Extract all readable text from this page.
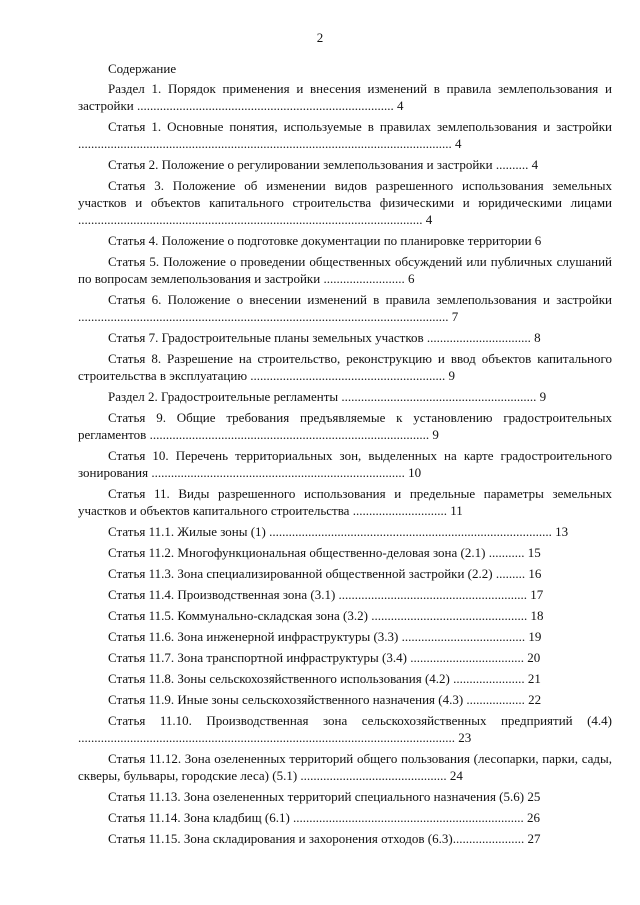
2
Содержание
Раздел 1. Порядок применения и внесения изменений в правила землепользования и застройки ............................................................................... 4
Статья 1. Основные понятия, используемые в правилах землепользования и застройки ................................................................................................................... 4
Статья 2. Положение о регулировании землепользования и застройки .......... 4
Статья 3. Положение об изменении видов разрешенного использования земельных участков и объектов капитального строительства физическими и юридическими лицами .......................................................................................................... 4
Статья 4. Положение о подготовке документации по планировке территории 6
Статья 5. Положение о проведении общественных обсуждений или публичных слушаний по вопросам землепользования и застройки ......................... 6
Статья 6. Положение о внесении изменений в правила землепользования и застройки .................................................................................................................. 7
Статья 7. Градостроительные планы земельных участков ................................ 8
Статья 8. Разрешение на строительство, реконструкцию и ввод объектов капитального строительства в эксплуатацию ............................................................ 9
Раздел 2. Градостроительные регламенты ............................................................ 9
Статья 9. Общие требования предъявляемые к установлению градостроительных регламентов ...................................................................................... 9
Статья 10. Перечень территориальных зон, выделенных на карте градостроительного зонирования .............................................................................. 10
Статья 11. Виды разрешенного использования и предельные параметры земельных участков и объектов капитального строительства ............................. 11
Статья 11.1. Жилые зоны (1) ....................................................................................... 13
Статья 11.2. Многофункциональная общественно-деловая зона (2.1) ........... 15
Статья 11.3. Зона специализированной общественной застройки (2.2) ......... 16
Статья 11.4. Производственная зона (3.1) .......................................................... 17
Статья 11.5. Коммунально-складская зона (3.2) ................................................ 18
Статья 11.6. Зона инженерной инфраструктуры (3.3) ...................................... 19
Статья 11.7. Зона транспортной инфраструктуры (3.4) ................................... 20
Статья 11.8. Зоны сельскохозяйственного использования (4.2) ...................... 21
Статья 11.9. Иные зоны сельскохозяйственного назначения (4.3) .................. 22
Статья 11.10. Производственная зона сельскохозяйственных предприятий (4.4) .................................................................................................................... 23
Статья 11.12. Зона озелененных территорий общего пользования (лесопарки, парки, сады, скверы, бульвары, городские леса) (5.1) ............................................. 24
Статья 11.13. Зона озелененных территорий специального назначения (5.6) 25
Статья 11.14. Зона кладбищ (6.1) ....................................................................... 26
Статья 11.15. Зона складирования и захоронения отходов (6.3)...................... 27
